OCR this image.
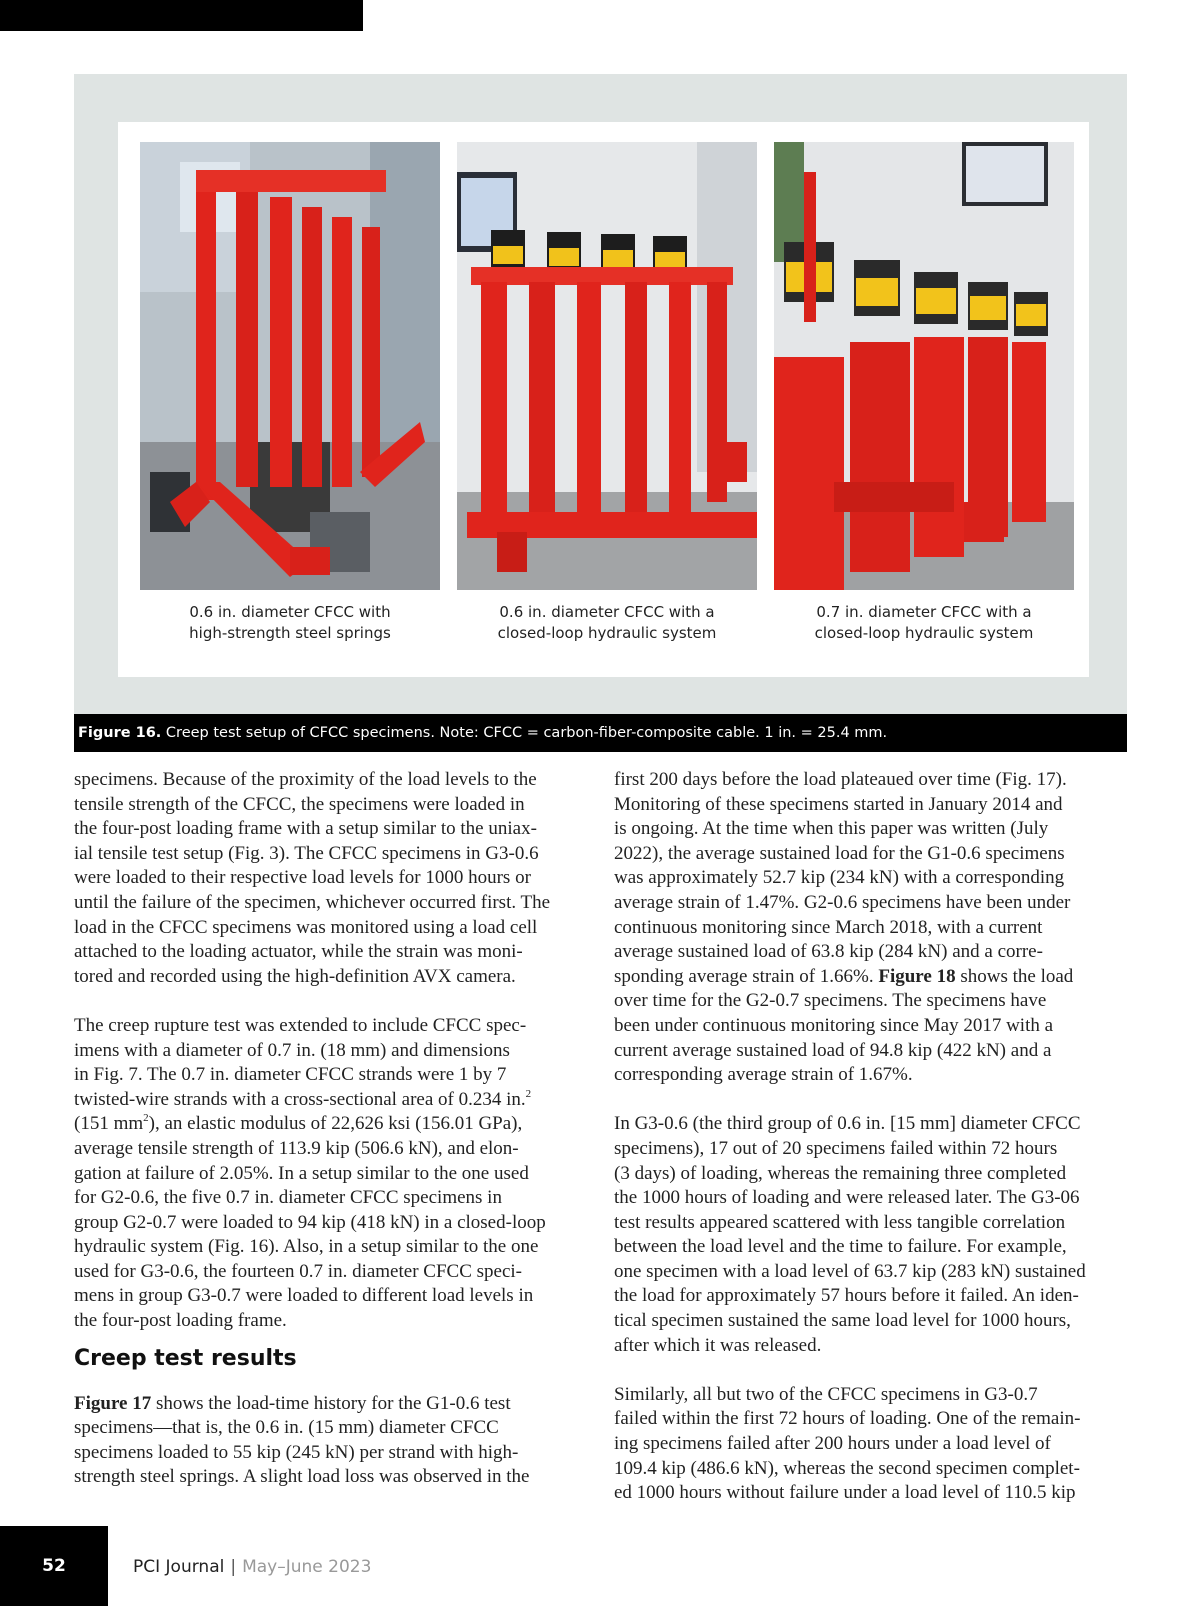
0.6 in. diameter CFCC with
high-strength steel springs
0.6 in. diameter CFCC with a
closed-loop hydraulic system
0.7 in. diameter CFCC with a
closed-loop hydraulic system
Figure 16. Creep test setup of CFCC specimens. Note: CFCC = carbon-fiber-composite cable. 1 in. = 25.4 mm.
specimens. Because of the proximity of the load levels to the
tensile strength of the CFCC, the specimens were loaded in
the four-post loading frame with a setup similar to the uniax-
ial tensile test setup (Fig. 3). The CFCC specimens in G3-0.6
were loaded to their respective load levels for 1000 hours or
until the failure of the specimen, whichever occurred first. The
load in the CFCC specimens was monitored using a load cell
attached to the loading actuator, while the strain was moni-
tored and recorded using the high-definition AVX camera.
The creep rupture test was extended to include CFCC spec-
imens with a diameter of 0.7 in. (18 mm) and dimensions
in Fig. 7. The 0.7 in. diameter CFCC strands were 1 by 7
twisted-wire strands with a cross-sectional area of 0.234 in.$^2$
(151 $mm^2$), an elastic modulus of 22,626 ksi (156.01 GPa),
average tensile strength of 113.9 kip (506.6 kN), and elon-
gation at failure of 2.05%. In a setup similar to the one used
for G2-0.6, the five 0.7 in. diameter CFCC specimens in
group G2-0.7 were loaded to 94 kip (418 kN) in a closed-loop
hydraulic system (Fig. 16). Also, in a setup similar to the one
used for G3-0.6, the fourteen 0.7 in. diameter CFCC speci-
mens in group G3-0.7 were loaded to different load levels in
the four-post loading frame.
Creep test results
Figure 17 shows the load-time history for the G1-0.6 test
specimens—that is, the 0.6 in. (15 mm) diameter CFCC
specimens loaded to 55 kip (245 kN) per strand with high-
strength steel springs. A slight load loss was observed in the
first 200 days before the load plateaued over time (Fig. 17).
Monitoring of these specimens started in January 2014 and
is ongoing. At the time when this paper was written (July
2022), the average sustained load for the G1-0.6 specimens
was approximately 52.7 kip (234 kN) with a corresponding
average strain of 1.47%. G2-0.6 specimens have been under
continuous monitoring since March 2018, with a current
average sustained load of 63.8 kip (284 kN) and a corre-
sponding average strain of 1.66%. Figure 18 shows the load
over time for the G2-0.7 specimens. The specimens have
been under continuous monitoring since May 2017 with a
current average sustained load of 94.8 kip (422 kN) and a
corresponding average strain of 1.67%.
In G3-0.6 (the third group of 0.6 in. [15 mm] diameter CFCC
specimens), 17 out of 20 specimens failed within 72 hours
(3 days) of loading, whereas the remaining three completed
the 1000 hours of loading and were released later. The G3-06
test results appeared scattered with less tangible correlation
between the load level and the time to failure. For example,
one specimen with a load level of 63.7 kip (283 kN) sustained
the load for approximately 57 hours before it failed. An iden-
tical specimen sustained the same load level for 1000 hours,
after which it was released.
Similarly, all but two of the CFCC specimens in G3-0.7
failed within the first 72 hours of loading. One of the remain-
ing specimens failed after 200 hours under a load level of
109.4 kip (486.6 kN), whereas the second specimen complet-
ed 1000 hours without failure under a load level of 110.5 kip
52	PCI Journal | May–June 2023
